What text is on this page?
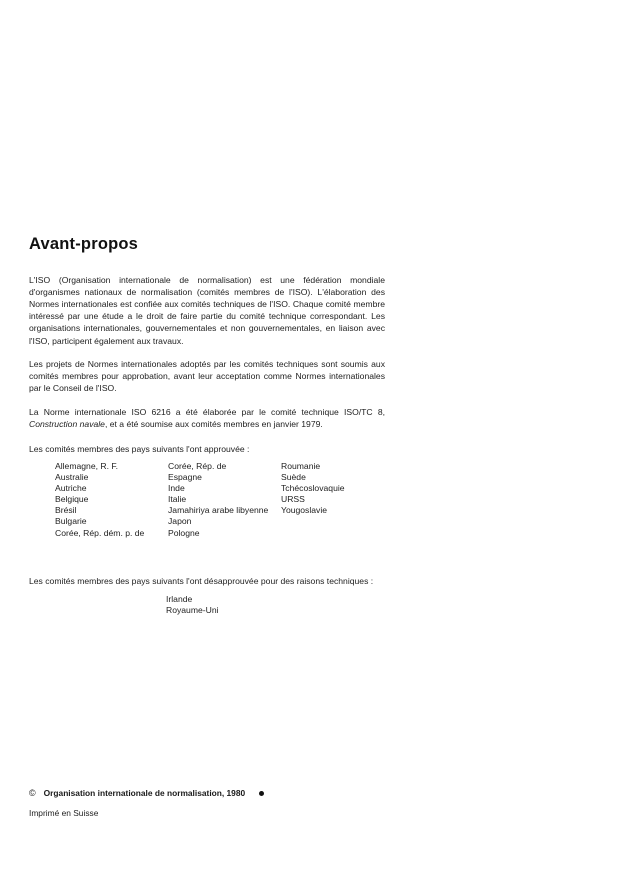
Avant-propos

L'ISO (Organisation internationale de normalisation) est une fédération mondiale d'organismes nationaux de normalisation (comités membres de l'ISO). L'élaboration des Normes internationales est confiée aux comités techniques de l'ISO. Chaque comité membre intéressé par une étude a le droit de faire partie du comité technique correspondant. Les organisations internationales, gouvernementales et non gouvernementales, en liaison avec l'ISO, participent également aux travaux.

Les projets de Normes internationales adoptés par les comités techniques sont soumis aux comités membres pour approbation, avant leur acceptation comme Normes internationales par le Conseil de l'ISO.

La Norme internationale ISO 6216 a été élaborée par le comité technique ISO/TC 8, Construction navale, et a été soumise aux comités membres en janvier 1979.

Les comités membres des pays suivants l'ont approuvée :

Allemagne, R. F.
Australie
Autriche
Belgique
Brésil
Bulgarie
Corée, Rép. dém. p. de
Corée, Rép. de
Espagne
Inde
Italie
Jamahiriya arabe libyenne
Japon
Pologne
Roumanie
Suède
Tchécoslovaquie
URSS
Yougoslavie

Les comités membres des pays suivants l'ont désapprouvée pour des raisons techniques :

Irlande
Royaume-Uni
© Organisation internationale de normalisation, 1980
Imprimé en Suisse
